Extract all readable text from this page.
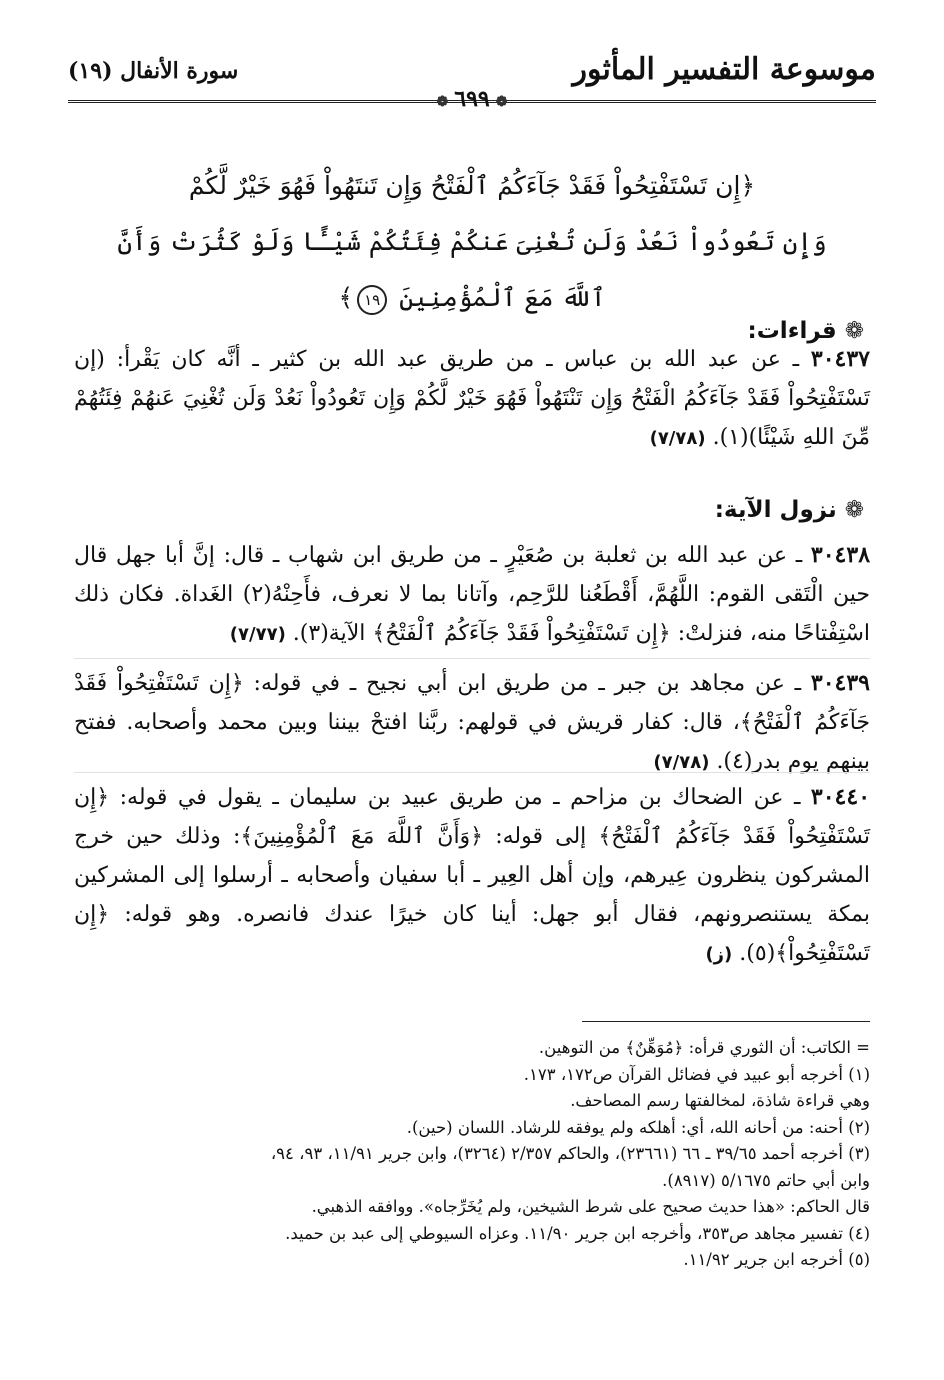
موسوعة التفسير المأثور
سورة الأنفال (١٩)
❁ ٦٩٩ ❁
﴿إِن تَسْتَفْتِحُواْ فَقَدْ جَآءَكُمُ ٱلْفَتْحُ وَإِن تَنتَهُواْ فَهُوَ خَيْرٌ لَّكُمْ
وَإِن تَعُودُواْ نَعُدْ وَلَن تُغْنِىَ عَنكُمْ فِئَتُكُمْ شَيْـًٔا وَلَوْ كَثُرَتْ وَأَنَّ ٱللَّهَ مَعَ ٱلْمُؤْمِنِينَ ١٩﴾
❁قراءات:
٣٠٤٣٧ ـ عن عبد الله بن عباس ـ من طريق عبد الله بن كثير ـ أنَّه كان يَقْرأ: (إن تَسْتَفْتِحُواْ فَقَدْ جَآءَكُمُ الْفَتْحُ وَإِن تَنْتَهُواْ فَهُوَ خَيْرٌ لَّكُمْ وَإِن تَعُودُواْ نَعُدْ وَلَن تُغْنِيَ عَنهُمْ فِئَتُهُمْ مِّنَ اللهِ شَيْئًا)(١). (٧/٧٨)
❁نزول الآية:
٣٠٤٣٨ ـ عن عبد الله بن ثعلبة بن صُعَيْرٍ ـ من طريق ابن شهاب ـ قال: إنَّ أبا جهل قال حين الْتَقى القوم: اللَّهُمَّ، أَقْطَعُنا للرَّحِم، وآتانا بما لا نعرف، فأَحِنْهُ(٢) الغَداة. فكان ذلك اسْتِفْتاحًا منه، فنزلتْ: ﴿إِن تَسْتَفْتِحُواْ فَقَدْ جَآءَكُمُ ٱلْفَتْحُ﴾ الآية(٣). (٧/٧٧)
٣٠٤٣٩ ـ عن مجاهد بن جبر ـ من طريق ابن أبي نجيح ـ في قوله: ﴿إِن تَسْتَفْتِحُواْ فَقَدْ جَآءَكُمُ ٱلْفَتْحُ﴾، قال: كفار قريش في قولهم: ربَّنا افتحْ بيننا وبين محمد وأصحابه. ففتح بينهم يوم بدر(٤). (٧/٧٨)
٣٠٤٤٠ ـ عن الضحاك بن مزاحم ـ من طريق عبيد بن سليمان ـ يقول في قوله: ﴿إِن تَسْتَفْتِحُواْ فَقَدْ جَآءَكُمُ ٱلْفَتْحُ﴾ إلى قوله: ﴿وَأَنَّ ٱللَّهَ مَعَ ٱلْمُؤْمِنِينَ﴾: وذلك حين خرج المشركون ينظرون عِيرهم، وإن أهل العِير ـ أبا سفيان وأصحابه ـ أرسلوا إلى المشركين بمكة يستنصرونهم، فقال أبو جهل: أينا كان خيرًا عندك فانصره. وهو قوله: ﴿إِن تَسْتَفْتِحُواْ﴾(٥). (ز)
= الكاتب: أن الثوري قرأه: ﴿مُوَهِّنٌ﴾ من التوهين.
(١) أخرجه أبو عبيد في فضائل القرآن ص١٧٢، ١٧٣.
وهي قراءة شاذة، لمخالفتها رسم المصاحف.
(٢) أحنه: من أحانه الله، أي: أهلكه ولم يوفقه للرشاد. اللسان (حين).
(٣) أخرجه أحمد ٣٩/٦٥ ـ ٦٦ (٢٣٦٦١)، والحاكم ٢/٣٥٧ (٣٢٦٤)، وابن جرير ١١/٩١، ٩٣، ٩٤،
وابن أبي حاتم ٥/١٦٧٥ (٨٩١٧).
قال الحاكم: «هذا حديث صحيح على شرط الشيخين، ولم يُخَرِّجاه». ووافقه الذهبي.
(٤) تفسير مجاهد ص٣٥٣، وأخرجه ابن جرير ١١/٩٠. وعزاه السيوطي إلى عبد بن حميد.
(٥) أخرجه ابن جرير ١١/٩٢.
